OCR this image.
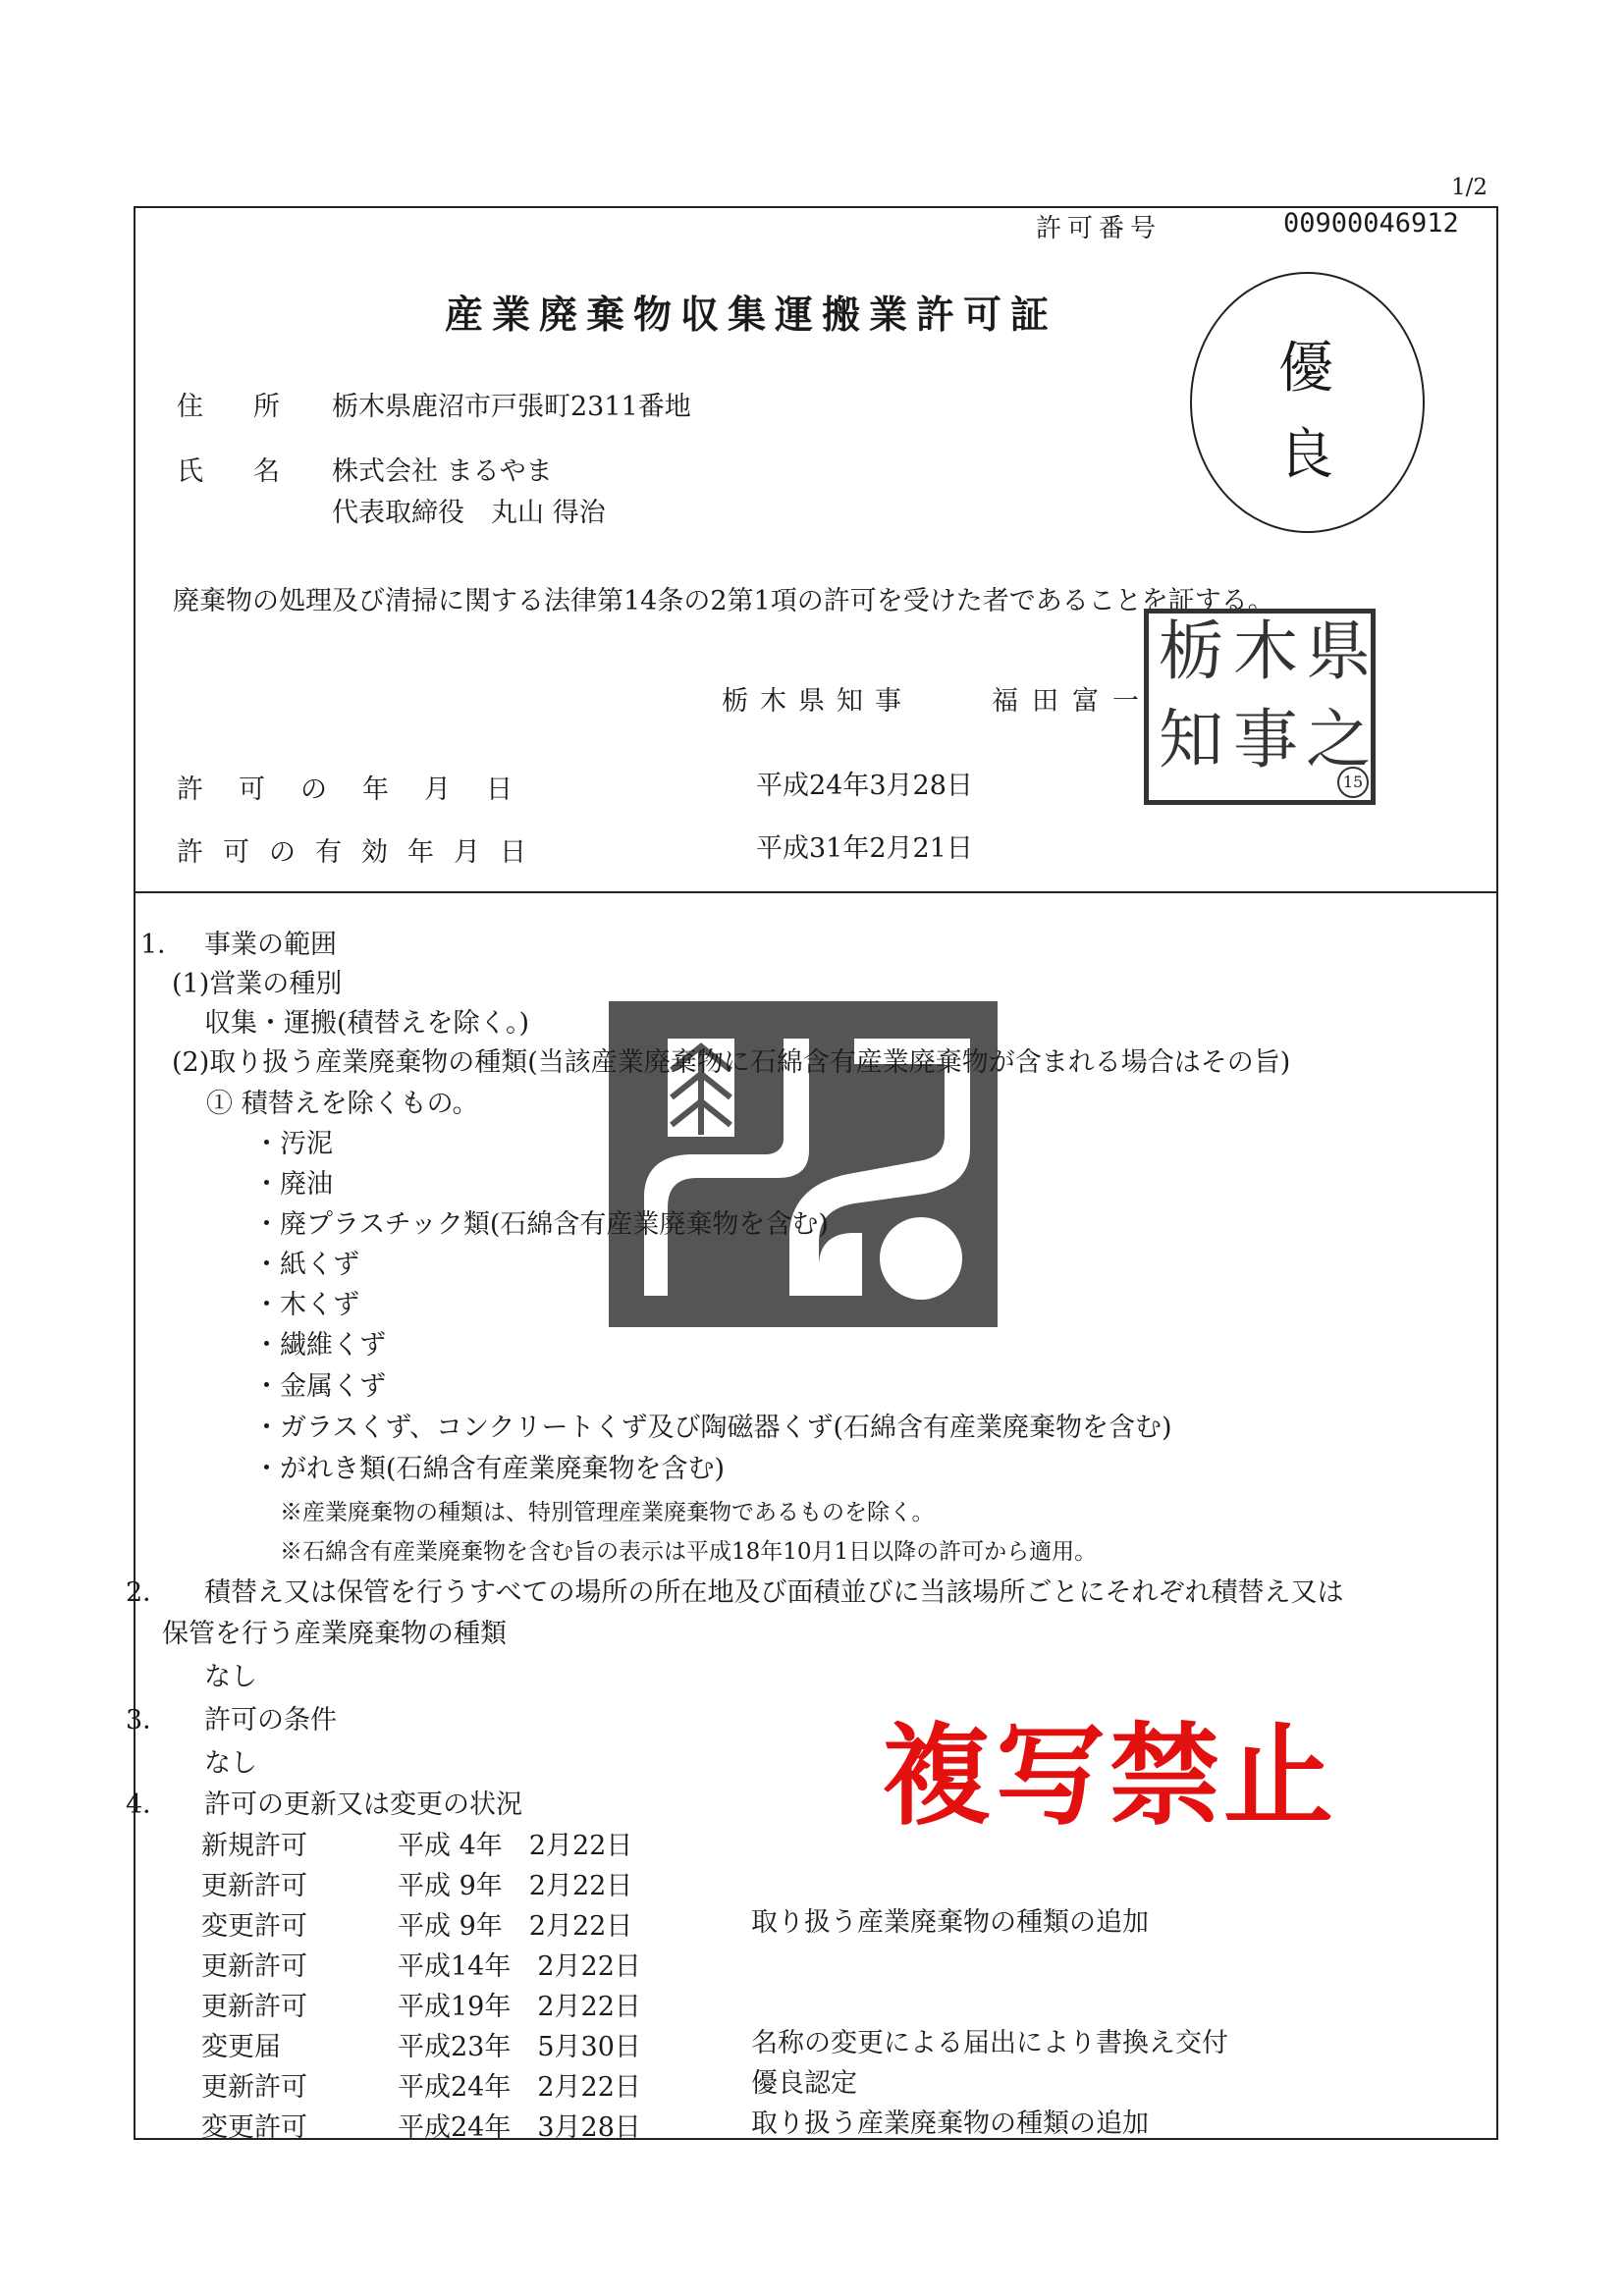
1/2
許可番号	00900046912
産業廃棄物収集運搬業許可証
優
良
住 所 栃木県鹿沼市戸張町2311番地
氏 名 株式会社 まるやま
代表取締役　丸山 得治
廃棄物の処理及び清掃に関する法律第14条の2第1項の許可を受けた者であることを証する。
栃木県知事	福田富一
県
木
栃
之
事
知
15
許可の年月日	平成24年3月28日
許可の有効年月日	平成31年2月21日
1． 事業の範囲
(1)営業の種別
収集・運搬(積替えを除く。)
(2)取り扱う産業廃棄物の種類(当該産業廃棄物に石綿含有産業廃棄物が含まれる場合はその旨)
① 積替えを除くもの。
・汚泥
・廃油
・廃プラスチック類(石綿含有産業廃棄物を含む)
・紙くず
・木くず
・繊維くず
・金属くず
・ガラスくず、コンクリートくず及び陶磁器くず(石綿含有産業廃棄物を含む)
・がれき類(石綿含有産業廃棄物を含む)
※産業廃棄物の種類は、特別管理産業廃棄物であるものを除く。
※石綿含有産業廃棄物を含む旨の表示は平成18年10月1日以降の許可から適用。
2． 積替え又は保管を行うすべての場所の所在地及び面積並びに当該場所ごとにそれぞれ積替え又は
保管を行う産業廃棄物の種類
なし
3． 許可の条件
なし	複写禁止
4． 許可の更新又は変更の状況
新規許可	平成 4年　2月22日
更新許可	平成 9年　2月22日
変更許可	平成 9年　2月22日	取り扱う産業廃棄物の種類の追加
更新許可	平成14年　2月22日
更新許可	平成19年　2月22日
変更届	平成23年　5月30日	名称の変更による届出により書換え交付
更新許可	平成24年　2月22日	優良認定
変更許可	平成24年　3月28日	取り扱う産業廃棄物の種類の追加
